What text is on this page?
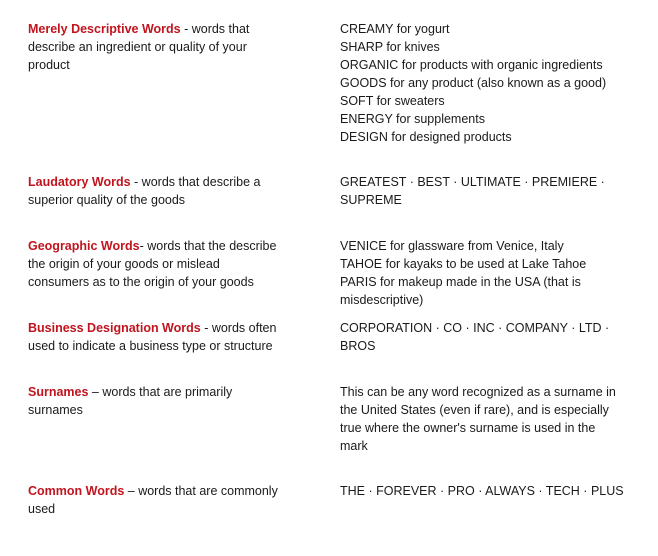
Merely Descriptive Words - words that
describe an ingredient or quality of your
product
CREAMY for yogurt
SHARP for knives
ORGANIC for products with organic ingredients
GOODS for any product (also known as a good)
SOFT for sweaters
ENERGY for supplements
DESIGN for designed products
Laudatory Words - words that describe a
superior quality of the goods
GREATEST · BEST · ULTIMATE · PREMIERE ·
SUPREME
Geographic Words- words that the describe
the origin of your goods or mislead
consumers as to the origin of your goods
VENICE for glassware from Venice, Italy
TAHOE for kayaks to be used at Lake Tahoe
PARIS for makeup made in the USA (that is
misdescriptive)
Business Designation Words - words often
used to indicate a business type or structure
CORPORATION · CO · INC · COMPANY · LTD ·
BROS
Surnames – words that are primarily
surnames
This can be any word recognized as a surname in
the United States (even if rare), and is especially
true where the owner's surname is used in the
mark
Common Words – words that are commonly
used
THE · FOREVER · PRO · ALWAYS · TECH · PLUS
